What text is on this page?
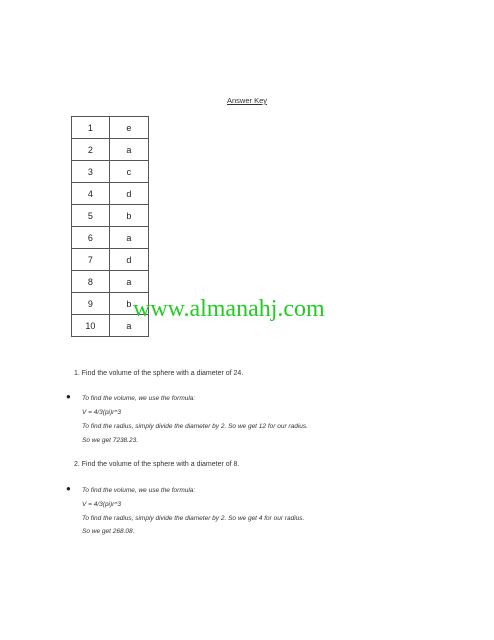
Answer Key
1	e
2	a
3	c
4	d
5	b
6	a
7	d
8	a
9	b
10	a
www.almanahj.com
1. Find the volume of the sphere with a diameter of 24.
● To find the volume, we use the formula:
V = 4/3(pi)r^3
To find the radius, simply divide the diameter by 2. So we get 12 for our radius.
So we get 7238.23.
2. Find the volume of the sphere with a diameter of 8.
● To find the volume, we use the formula:
V = 4/3(pi)r^3
To find the radius, simply divide the diameter by 2. So we get 4 for our radius.
So we get 268.08.
